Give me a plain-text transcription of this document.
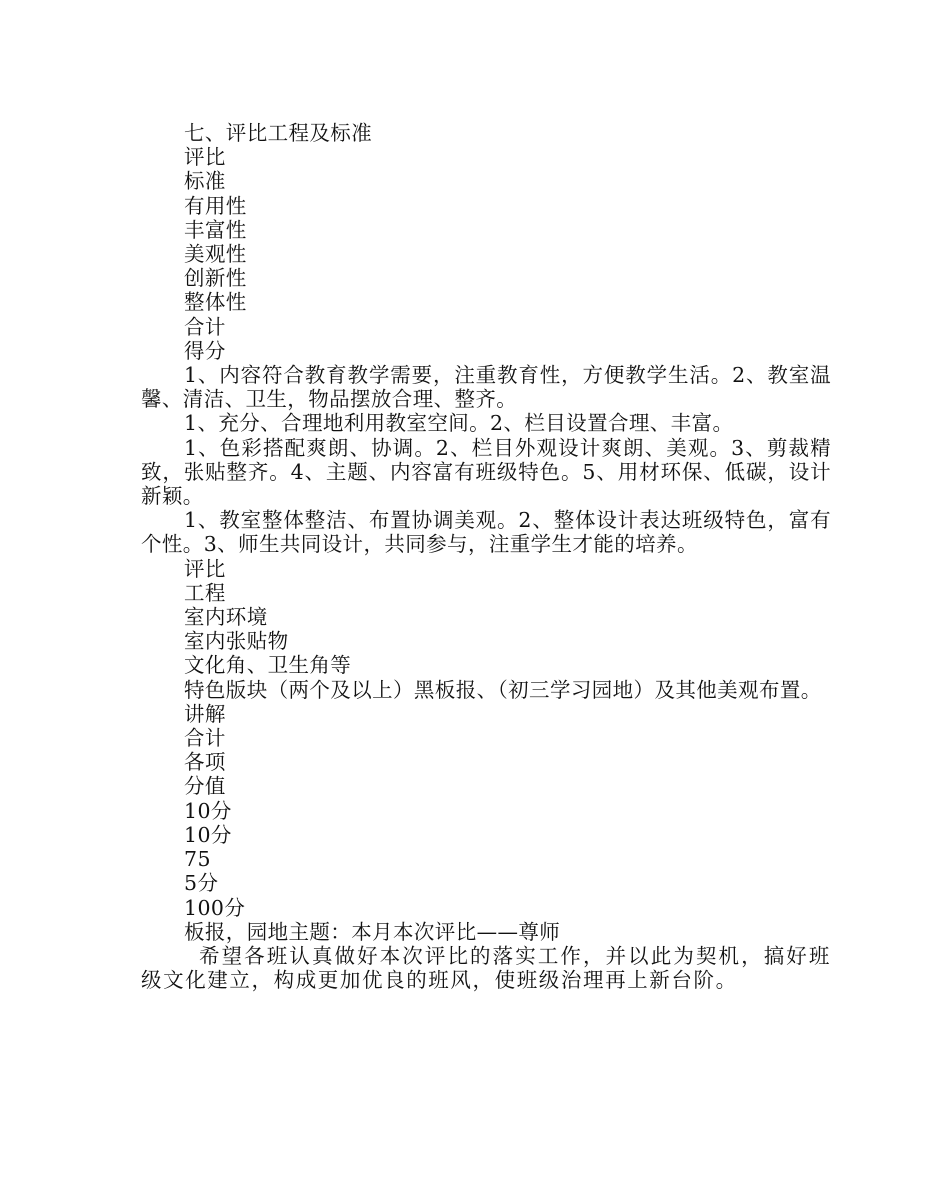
七、评比工程及标准

评比

标准

有用性

丰富性

美观性

创新性

整体性

合计

得分

1、内容符合教育教学需要，注重教育性，方便教学生活。2、教室温馨、清洁、卫生，物品摆放合理、整齐。

1、充分、合理地利用教室空间。2、栏目设置合理、丰富。

1、色彩搭配爽朗、协调。2、栏目外观设计爽朗、美观。3、剪裁精致，张贴整齐。4、主题、内容富有班级特色。5、用材环保、低碳，设计新颖。

1、教室整体整洁、布置协调美观。2、整体设计表达班级特色，富有个性。3、师生共同设计，共同参与，注重学生才能的培养。

评比

工程

室内环境

室内张贴物

文化角、卫生角等

特色版块（两个及以上）黑板报、（初三学习园地）及其他美观布置。

讲解

合计

各项

分值

10分

10分

75

5分

100分

板报，园地主题：本月本次评比——尊师

希望各班认真做好本次评比的落实工作，并以此为契机，搞好班级文化建立，构成更加优良的班风，使班级治理再上新台阶。
